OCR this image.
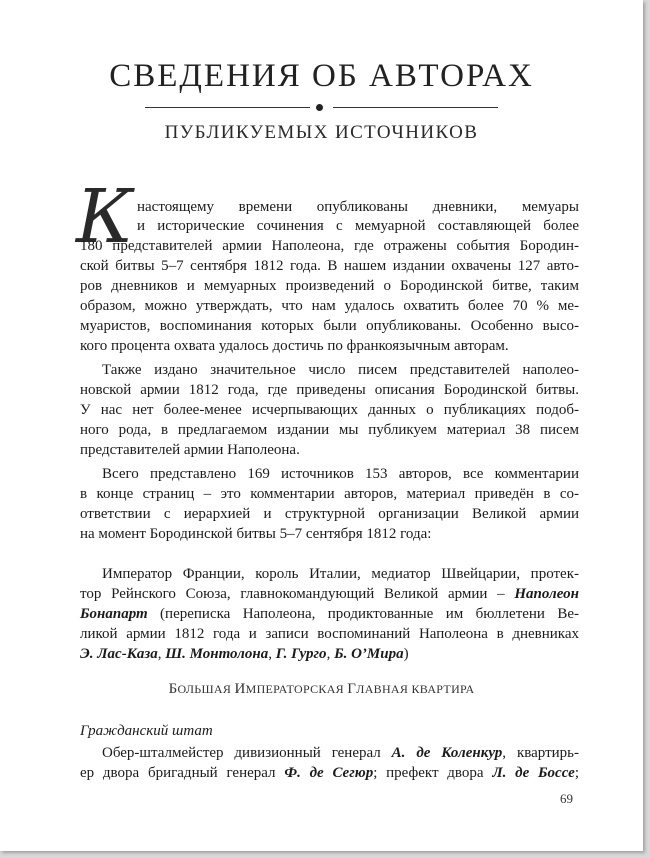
СВЕДЕНИЯ ОБ АВТОРАХ
ПУБЛИКУЕМЫХ ИСТОЧНИКОВ
К настоящему времени опубликованы дневники, мемуары
и исторические сочинения с мемуарной составляющей более
180 представителей армии Наполеона, где отражены события Бородин-
ской битвы 5–7 сентября 1812 года. В нашем издании охвачены 127 авто-
ров дневников и мемуарных произведений о Бородинской битве, таким
образом, можно утверждать, что нам удалось охватить более 70 % ме-
муаристов, воспоминания которых были опубликованы. Особенно высо-
кого процента охвата удалось достичь по франкоязычным авторам.
Также издано значительное число писем представителей наполео-
новской армии 1812 года, где приведены описания Бородинской битвы.
У нас нет более-менее исчерпывающих данных о публикациях подоб-
ного рода, в предлагаемом издании мы публикуем материал 38 писем
представителей армии Наполеона.
Всего представлено 169 источников 153 авторов, все комментарии
в конце страниц – это комментарии авторов, материал приведён в со-
ответствии с иерархией и структурной организации Великой армии
на момент Бородинской битвы 5–7 сентября 1812 года:
Император Франции, король Италии, медиатор Швейцарии, протек-
тор Рейнского Союза, главнокомандующий Великой армии – Наполеон
Бонапарт (переписка Наполеона, продиктованные им бюллетени Ве-
ликой армии 1812 года и записи воспоминаний Наполеона в дневниках
Э. Лас-Каза, Ш. Монтолона, Г. Гурго, Б. О’Мира)
БОЛЬШАЯ ИМПЕРАТОРСКАЯ ГЛАВНАЯ КВАРТИРА
Гражданский штат
Обер-шталмейстер дивизионный генерал А. де Коленкур, квартирь-
ер двора бригадный генерал Ф. де Сегюр; префект двора Л. де Боссе;
69
